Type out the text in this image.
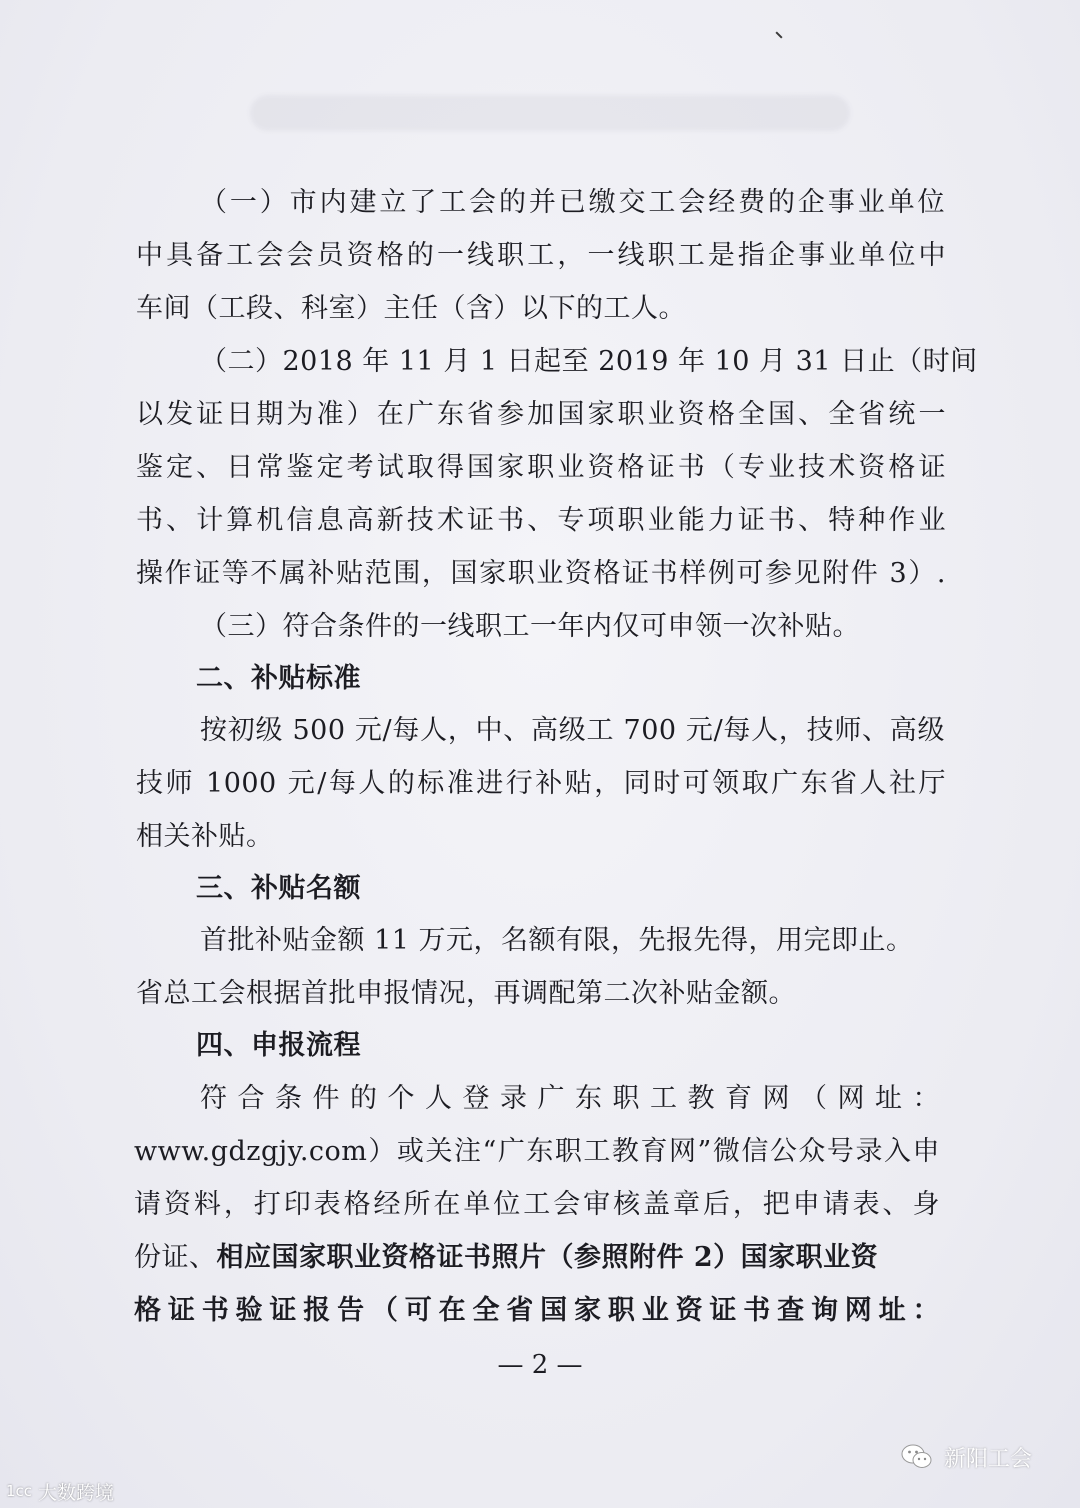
（一）市内建立了工会的并已缴交工会经费的企事业单位
中具备工会会员资格的一线职工，一线职工是指企事业单位中
车间（工段、科室）主任（含）以下的工人。
（二）2018 年 11 月 1 日起至 2019 年 10 月 31 日止（时间
以发证日期为准）在广东省参加国家职业资格全国、全省统一
鉴定、日常鉴定考试取得国家职业资格证书（专业技术资格证
书、计算机信息高新技术证书、专项职业能力证书、特种作业
操作证等不属补贴范围，国家职业资格证书样例可参见附件 3）.
（三）符合条件的一线职工一年内仅可申领一次补贴。
二、补贴标准
按初级 500 元/每人，中、高级工 700 元/每人，技师、高级
技师 1000 元/每人的标准进行补贴，同时可领取广东省人社厅
相关补贴。
三、补贴名额
首批补贴金额 11 万元，名额有限，先报先得，用完即止。
省总工会根据首批申报情况，再调配第二次补贴金额。
四、申报流程
符合条件的个人登录广东职工教育网（网址：
www.gdzgjy.com）或关注“广东职工教育网”微信公众号录入申
请资料，打印表格经所在单位工会审核盖章后，把申请表、身
份证、相应国家职业资格证书照片（参照附件 2）国家职业资
格证书验证报告（可在全省国家职业资证书查询网址：
— 2 —
新阳工会
1cc 大数跨境
